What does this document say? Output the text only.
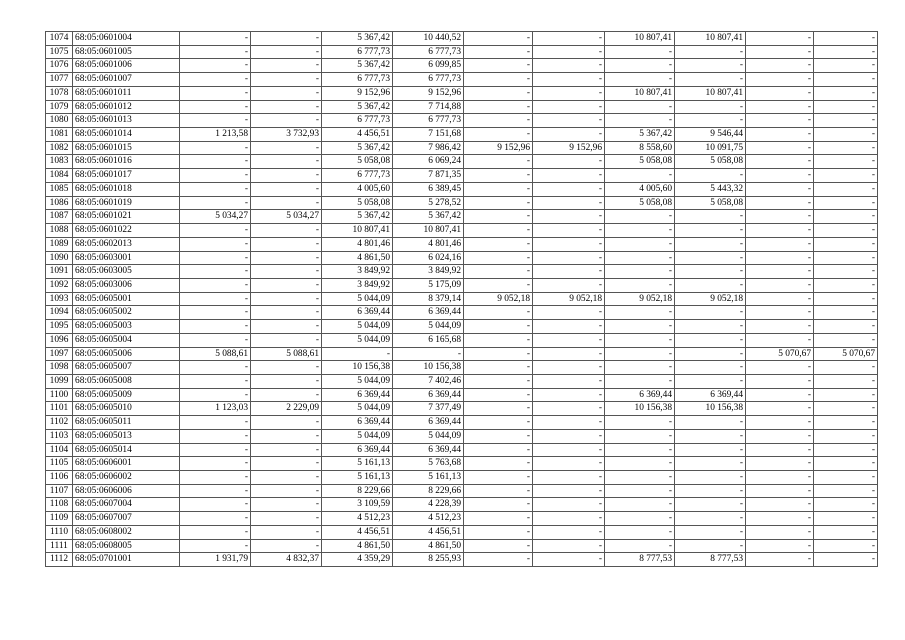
1074	68:05:0601004	-	-	5 367,42	10 440,52	-	-	10 807,41	10 807,41	-	-
1075	68:05:0601005	-	-	6 777,73	6 777,73	-	-	-	-	-	-
1076	68:05:0601006	-	-	5 367,42	6 099,85	-	-	-	-	-	-
1077	68:05:0601007	-	-	6 777,73	6 777,73	-	-	-	-	-	-
1078	68:05:0601011	-	-	9 152,96	9 152,96	-	-	10 807,41	10 807,41	-	-
1079	68:05:0601012	-	-	5 367,42	7 714,88	-	-	-	-	-	-
1080	68:05:0601013	-	-	6 777,73	6 777,73	-	-	-	-	-	-
1081	68:05:0601014	1 213,58	3 732,93	4 456,51	7 151,68	-	-	5 367,42	9 546,44	-	-
1082	68:05:0601015	-	-	5 367,42	7 986,42	9 152,96	9 152,96	8 558,60	10 091,75	-	-
1083	68:05:0601016	-	-	5 058,08	6 069,24	-	-	5 058,08	5 058,08	-	-
1084	68:05:0601017	-	-	6 777,73	7 871,35	-	-	-	-	-	-
1085	68:05:0601018	-	-	4 005,60	6 389,45	-	-	4 005,60	5 443,32	-	-
1086	68:05:0601019	-	-	5 058,08	5 278,52	-	-	5 058,08	5 058,08	-	-
1087	68:05:0601021	5 034,27	5 034,27	5 367,42	5 367,42	-	-	-	-	-	-
1088	68:05:0601022	-	-	10 807,41	10 807,41	-	-	-	-	-	-
1089	68:05:0602013	-	-	4 801,46	4 801,46	-	-	-	-	-	-
1090	68:05:0603001	-	-	4 861,50	6 024,16	-	-	-	-	-	-
1091	68:05:0603005	-	-	3 849,92	3 849,92	-	-	-	-	-	-
1092	68:05:0603006	-	-	3 849,92	5 175,09	-	-	-	-	-	-
1093	68:05:0605001	-	-	5 044,09	8 379,14	9 052,18	9 052,18	9 052,18	9 052,18	-	-
1094	68:05:0605002	-	-	6 369,44	6 369,44	-	-	-	-	-	-
1095	68:05:0605003	-	-	5 044,09	5 044,09	-	-	-	-	-	-
1096	68:05:0605004	-	-	5 044,09	6 165,68	-	-	-	-	-	-
1097	68:05:0605006	5 088,61	5 088,61	-	-	-	-	-	-	5 070,67	5 070,67
1098	68:05:0605007	-	-	10 156,38	10 156,38	-	-	-	-	-	-
1099	68:05:0605008	-	-	5 044,09	7 402,46	-	-	-	-	-	-
1100	68:05:0605009	-	-	6 369,44	6 369,44	-	-	6 369,44	6 369,44	-	-
1101	68:05:0605010	1 123,03	2 229,09	5 044,09	7 377,49	-	-	10 156,38	10 156,38	-	-
1102	68:05:0605011	-	-	6 369,44	6 369,44	-	-	-	-	-	-
1103	68:05:0605013	-	-	5 044,09	5 044,09	-	-	-	-	-	-
1104	68:05:0605014	-	-	6 369,44	6 369,44	-	-	-	-	-	-
1105	68:05:0606001	-	-	5 161,13	5 763,68	-	-	-	-	-	-
1106	68:05:0606002	-	-	5 161,13	5 161,13	-	-	-	-	-	-
1107	68:05:0606006	-	-	8 229,66	8 229,66	-	-	-	-	-	-
1108	68:05:0607004	-	-	3 109,59	4 228,39	-	-	-	-	-	-
1109	68:05:0607007	-	-	4 512,23	4 512,23	-	-	-	-	-	-
1110	68:05:0608002	-	-	4 456,51	4 456,51	-	-	-	-	-	-
1111	68:05:0608005	-	-	4 861,50	4 861,50	-	-	-	-	-	-
1112	68:05:0701001	1 931,79	4 832,37	4 359,29	8 255,93	-	-	8 777,53	8 777,53	-	-
